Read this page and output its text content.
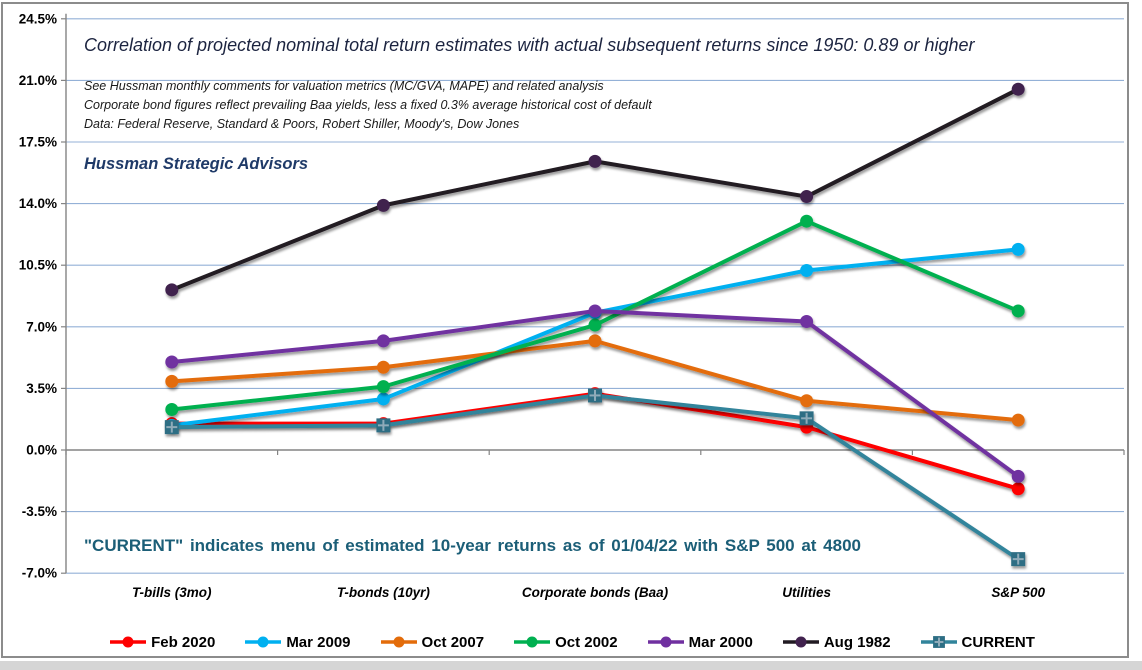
24.5%
21.0%
17.5%
14.0%
10.5%
7.0%
3.5%
0.0%
-3.5%
-7.0%
T-bills (3mo)	T-bonds (10yr)	Corporate bonds (Baa)	Utilities	S&P 500
Correlation of projected nominal total return estimates with actual subsequent returns since 1950: 0.89 or higher
See Hussman monthly comments for valuation metrics (MC/GVA, MAPE) and related analysis
Corporate bond figures reflect prevailing Baa yields, less a fixed 0.3% average historical cost of default
Data: Federal Reserve, Standard & Poors, Robert Shiller, Moody's, Dow Jones
Hussman Strategic Advisors
"CURRENT" indicates menu of estimated 10-year returns as of 01/04/22 with S&P 500 at 4800
Feb 2020	Mar 2009	Oct 2007	Oct 2002	Mar 2000	Aug 1982	CURRENT
